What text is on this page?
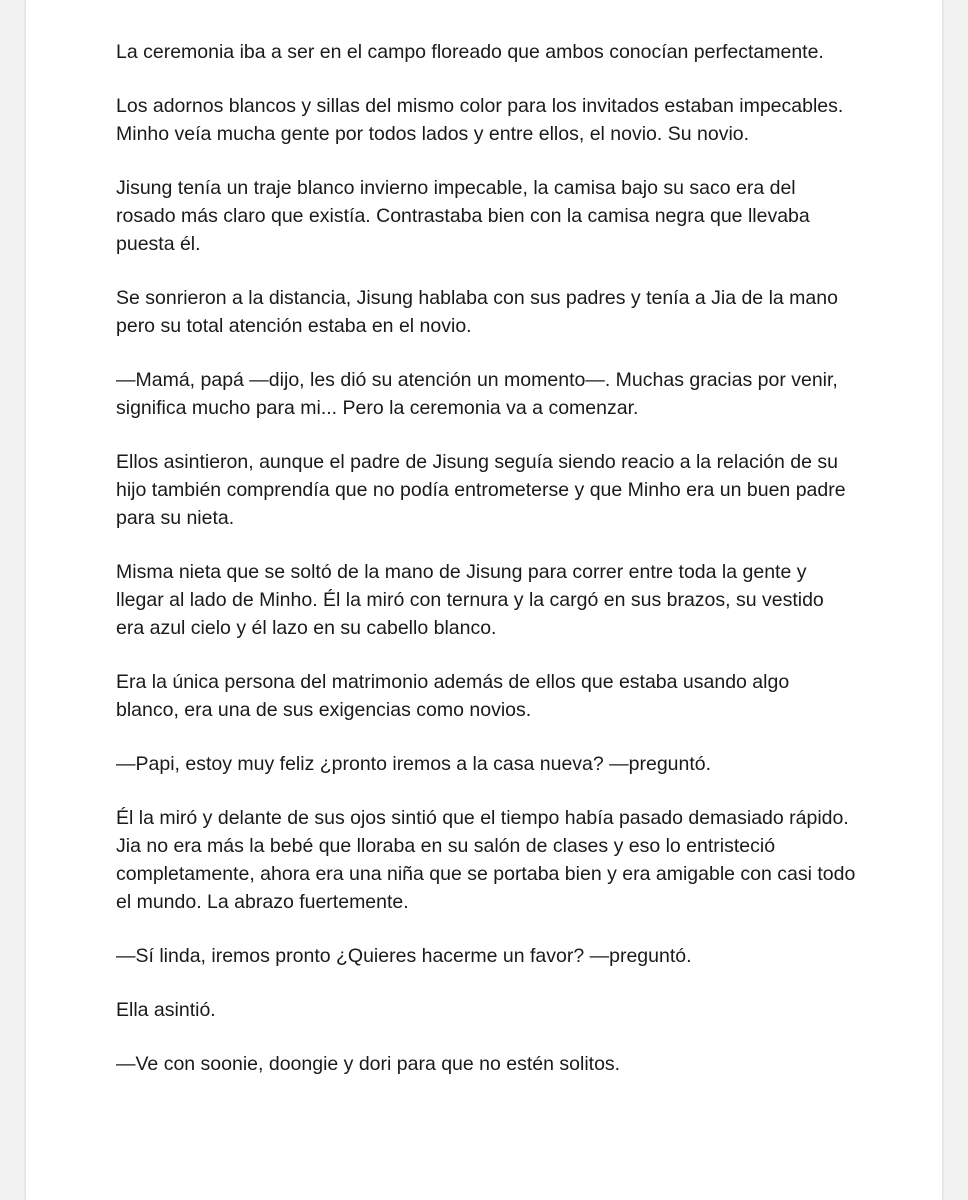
La ceremonia iba a ser en el campo floreado que ambos conocían perfectamente.

Los adornos blancos y sillas del mismo color para los invitados estaban impecables. Minho veía mucha gente por todos lados y entre ellos, el novio. Su novio.

Jisung tenía un traje blanco invierno impecable, la camisa bajo su saco era del rosado más claro que existía. Contrastaba bien con la camisa negra que llevaba puesta él.

Se sonrieron a la distancia, Jisung hablaba con sus padres y tenía a Jia de la mano pero su total atención estaba en el novio.

—Mamá, papá —dijo, les dió su atención un momento—. Muchas gracias por venir, significa mucho para mi... Pero la ceremonia va a comenzar.

Ellos asintieron, aunque el padre de Jisung seguía siendo reacio a la relación de su hijo también comprendía que no podía entrometerse y que Minho era un buen padre para su nieta.

Misma nieta que se soltó de la mano de Jisung para correr entre toda la gente y llegar al lado de Minho. Él la miró con ternura y la cargó en sus brazos, su vestido era azul cielo y él lazo en su cabello blanco.

Era la única persona del matrimonio además de ellos que estaba usando algo blanco, era una de sus exigencias como novios.

—Papi, estoy muy feliz ¿pronto iremos a la casa nueva? —preguntó.

Él la miró y delante de sus ojos sintió que el tiempo había pasado demasiado rápido. Jia no era más la bebé que lloraba en su salón de clases y eso lo entristeció completamente, ahora era una niña que se portaba bien y era amigable con casi todo el mundo. La abrazo fuertemente.

—Sí linda, iremos pronto ¿Quieres hacerme un favor? —preguntó.

Ella asintió.

—Ve con soonie, doongie y dori para que no estén solitos.
